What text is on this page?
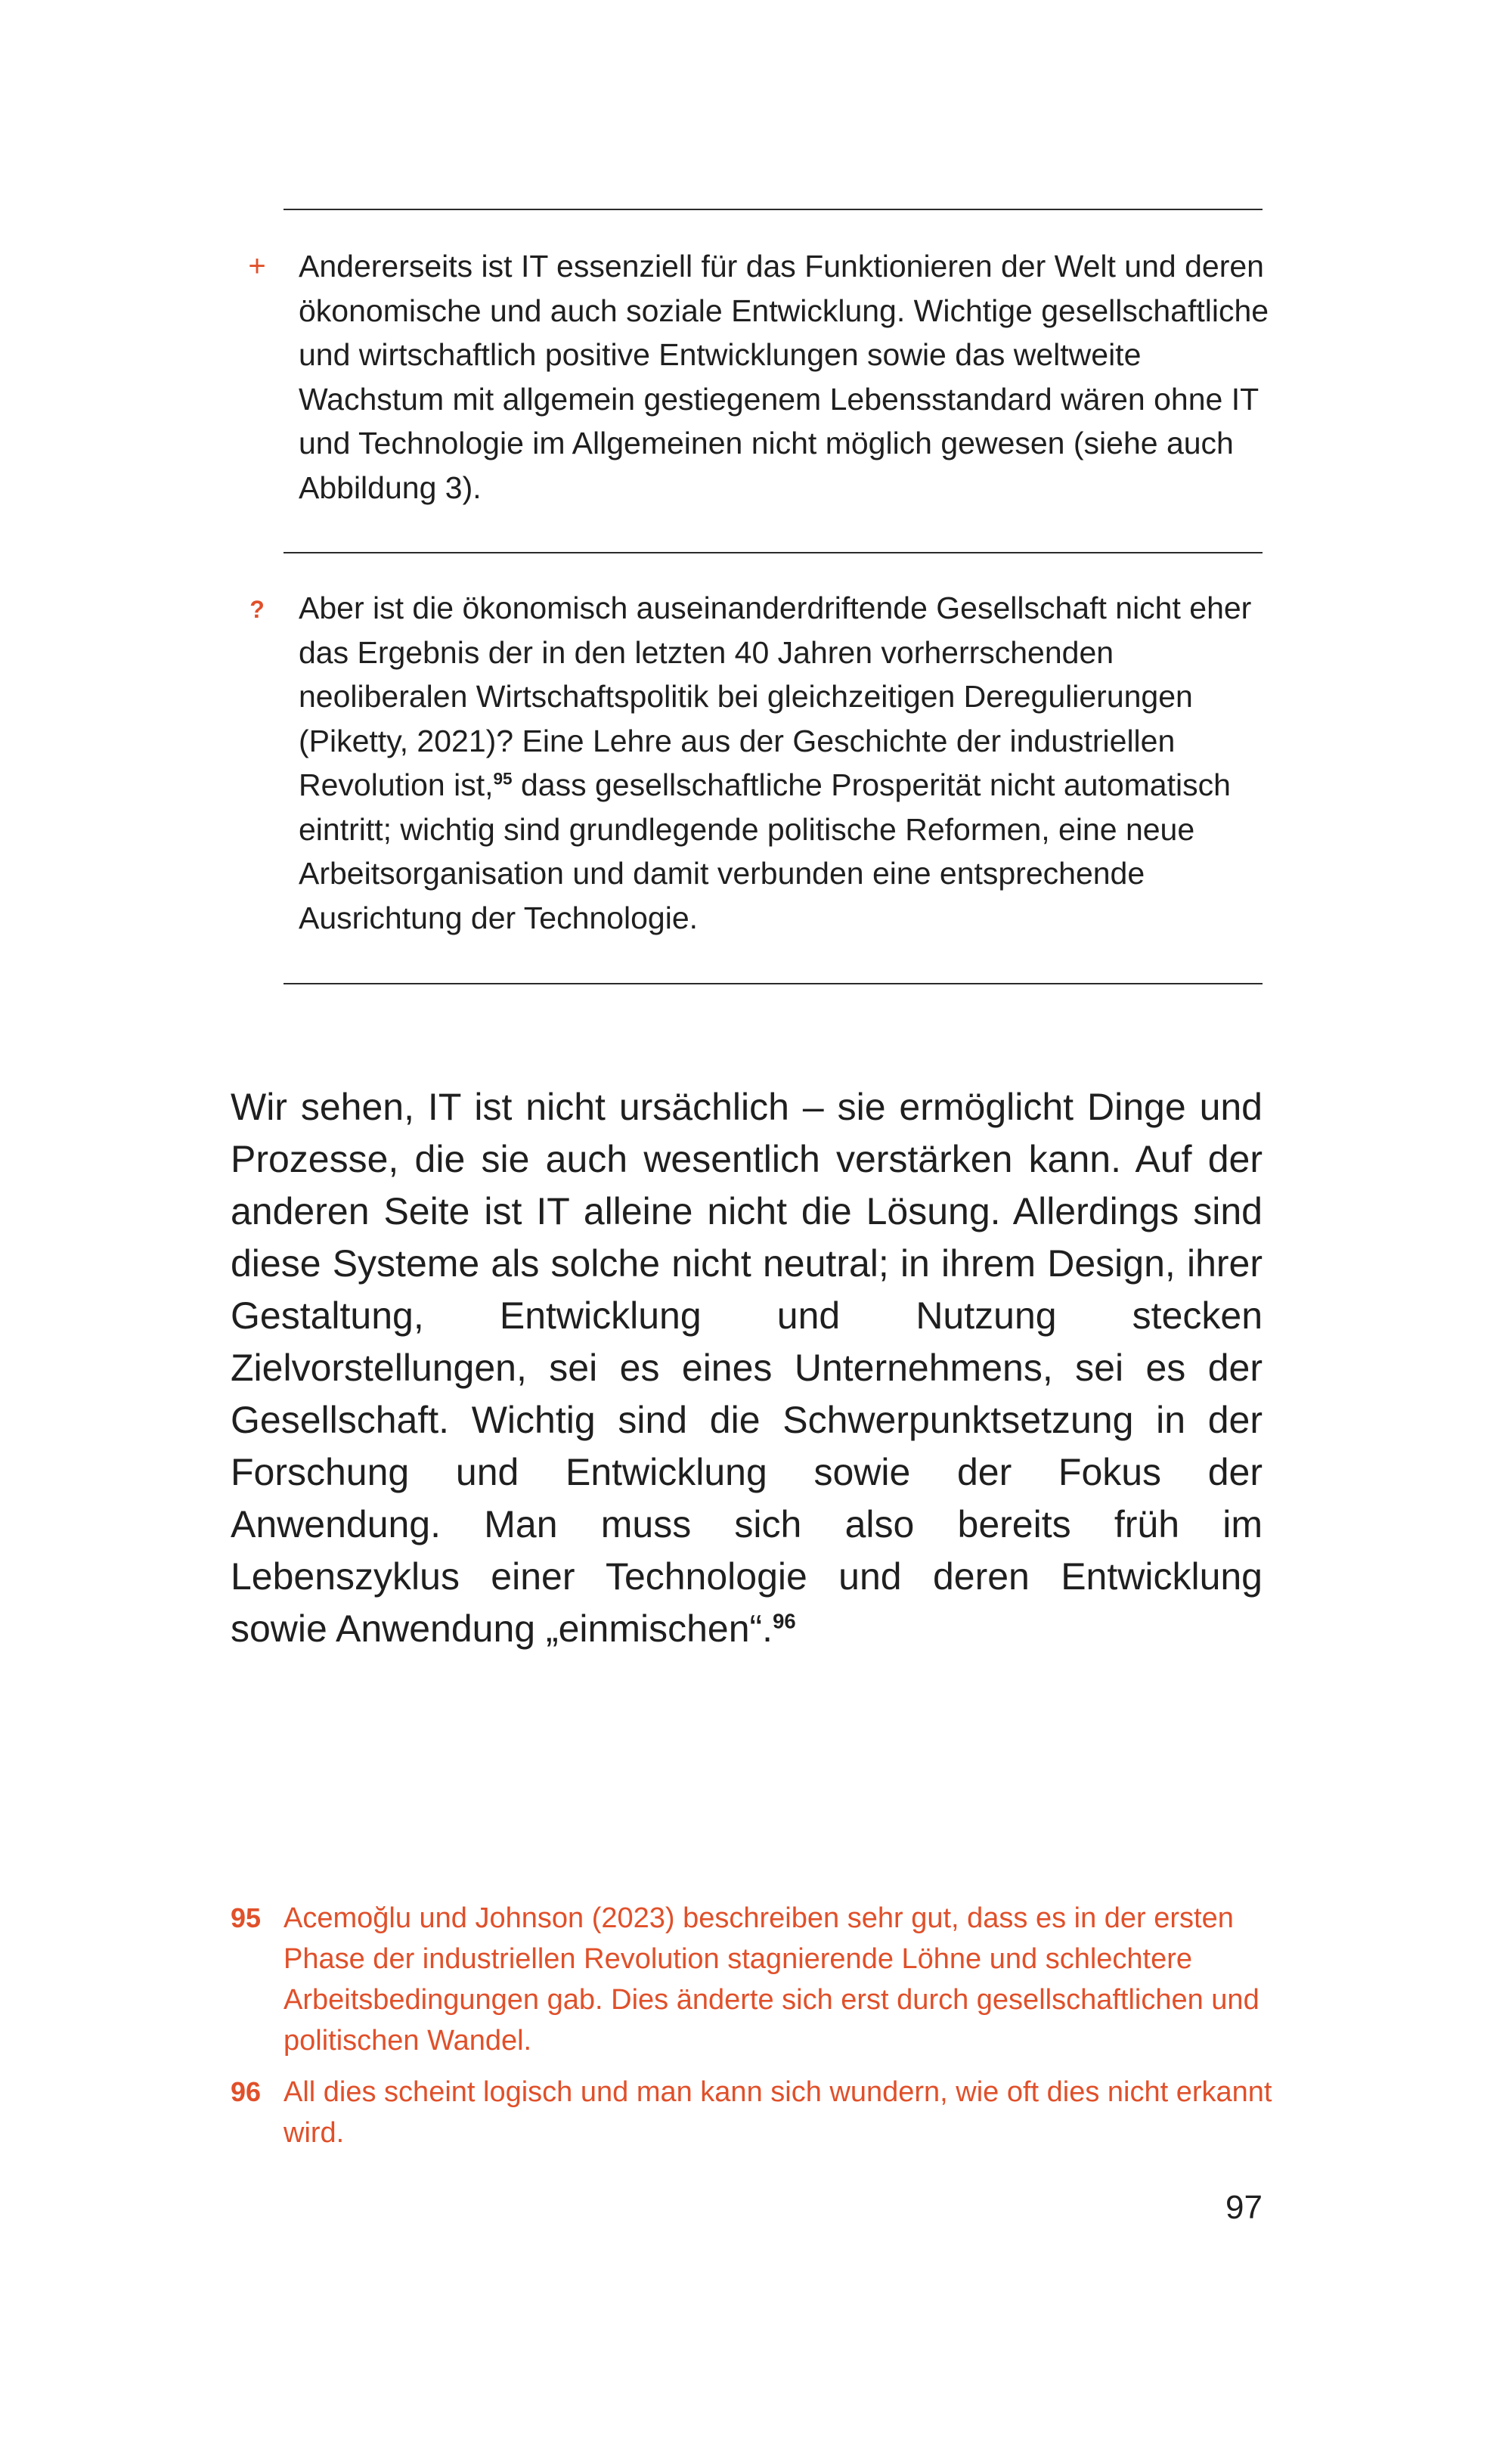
+ Andererseits ist IT essenziell für das Funktionieren der Welt und deren ökonomische und auch soziale Entwicklung. Wichtige gesellschaftliche und wirtschaftlich positive Entwicklungen sowie das weltweite Wachstum mit allgemein gestiegenem Lebensstandard wären ohne IT und Technologie im Allgemeinen nicht möglich gewesen (siehe auch Abbildung 3).
? Aber ist die ökonomisch auseinanderdriftende Gesellschaft nicht eher das Ergebnis der in den letzten 40 Jahren vorherrschenden neoliberalen Wirtschaftspolitik bei gleichzeitigen Deregulierungen (Piketty, 2021)? Eine Lehre aus der Geschichte der industriellen Revolution ist,$^{95}$ dass gesellschaftliche Prosperität nicht automatisch eintritt; wichtig sind grundlegende politische Reformen, eine neue Arbeitsorganisation und damit verbunden eine entsprechende Ausrichtung der Technologie.
Wir sehen, IT ist nicht ursächlich – sie ermöglicht Dinge und Prozesse, die sie auch wesentlich verstärken kann. Auf der anderen Seite ist IT alleine nicht die Lösung. Allerdings sind diese Systeme als solche nicht neutral; in ihrem Design, ihrer Gestaltung, Entwicklung und Nutzung stecken Zielvorstellungen, sei es eines Unternehmens, sei es der Gesellschaft. Wichtig sind die Schwerpunktsetzung in der Forschung und Entwicklung sowie der Fokus der Anwendung. Man muss sich also bereits früh im Lebenszyklus einer Technologie und deren Entwicklung sowie Anwendung „einmischen“.$^{96}$
95 Acemoğlu und Johnson (2023) beschreiben sehr gut, dass es in der ersten Phase der industriellen Revolution stagnierende Löhne und schlechtere Arbeitsbedingungen gab. Dies änderte sich erst durch gesellschaftlichen und politischen Wandel.
96 All dies scheint logisch und man kann sich wundern, wie oft dies nicht erkannt wird.
97
